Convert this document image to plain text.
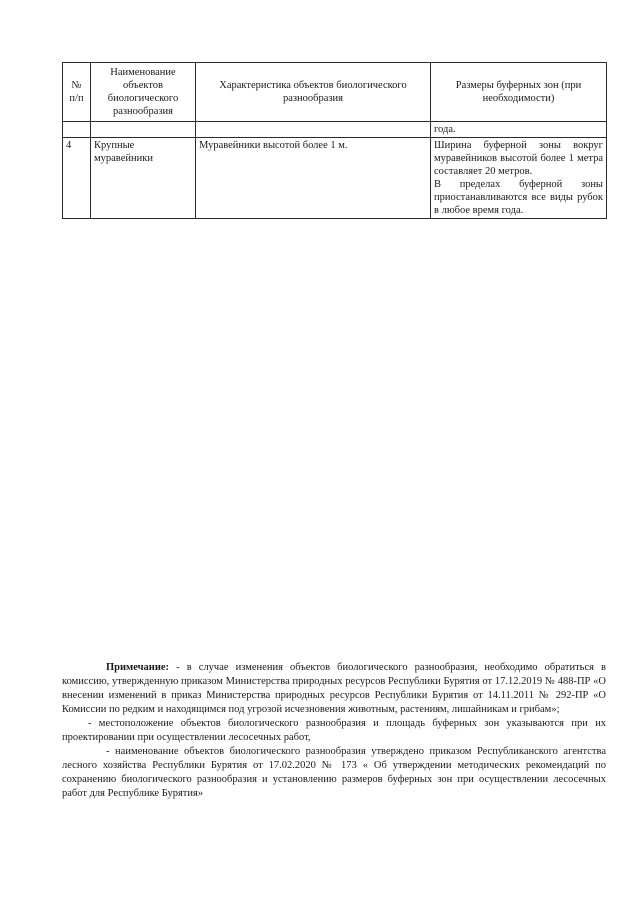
№ п/п	Наименование объектов биологического разнообразия	Характеристика объектов биологического разнообразия	Размеры буферных зон (при необходимости)
			года.
4	Крупные муравейники	Муравейники высотой более 1 м.	Ширина буферной зоны вокруг муравейников высотой более 1 метра составляет 20 метров.
В пределах буферной зоны приостанавливаются все виды рубок в любое время года.

Примечание: - в случае изменения объектов биологического разнообразия, необходимо обратиться в комиссию, утвержденную приказом Министерства природных ресурсов Республики Бурятия от 17.12.2019 № 488-ПР «О внесении изменений в приказ Министерства природных ресурсов Республики Бурятия от 14.11.2011 № 292-ПР «О Комиссии по редким и находящимся под угрозой исчезновения животным, растениям, лишайникам и грибам»;

- местоположение объектов биологического разнообразия и площадь буферных зон указываются при их проектировании при осуществлении лесосечных работ,

- наименование объектов биологического разнообразия утверждено приказом Республиканского агентства лесного хозяйства Республики Бурятия от 17.02.2020 № 173 « Об утверждении методических рекомендаций по сохранению биологического разнообразия и установлению размеров буферных зон при осуществлении лесосечных работ для Республике Бурятия»
